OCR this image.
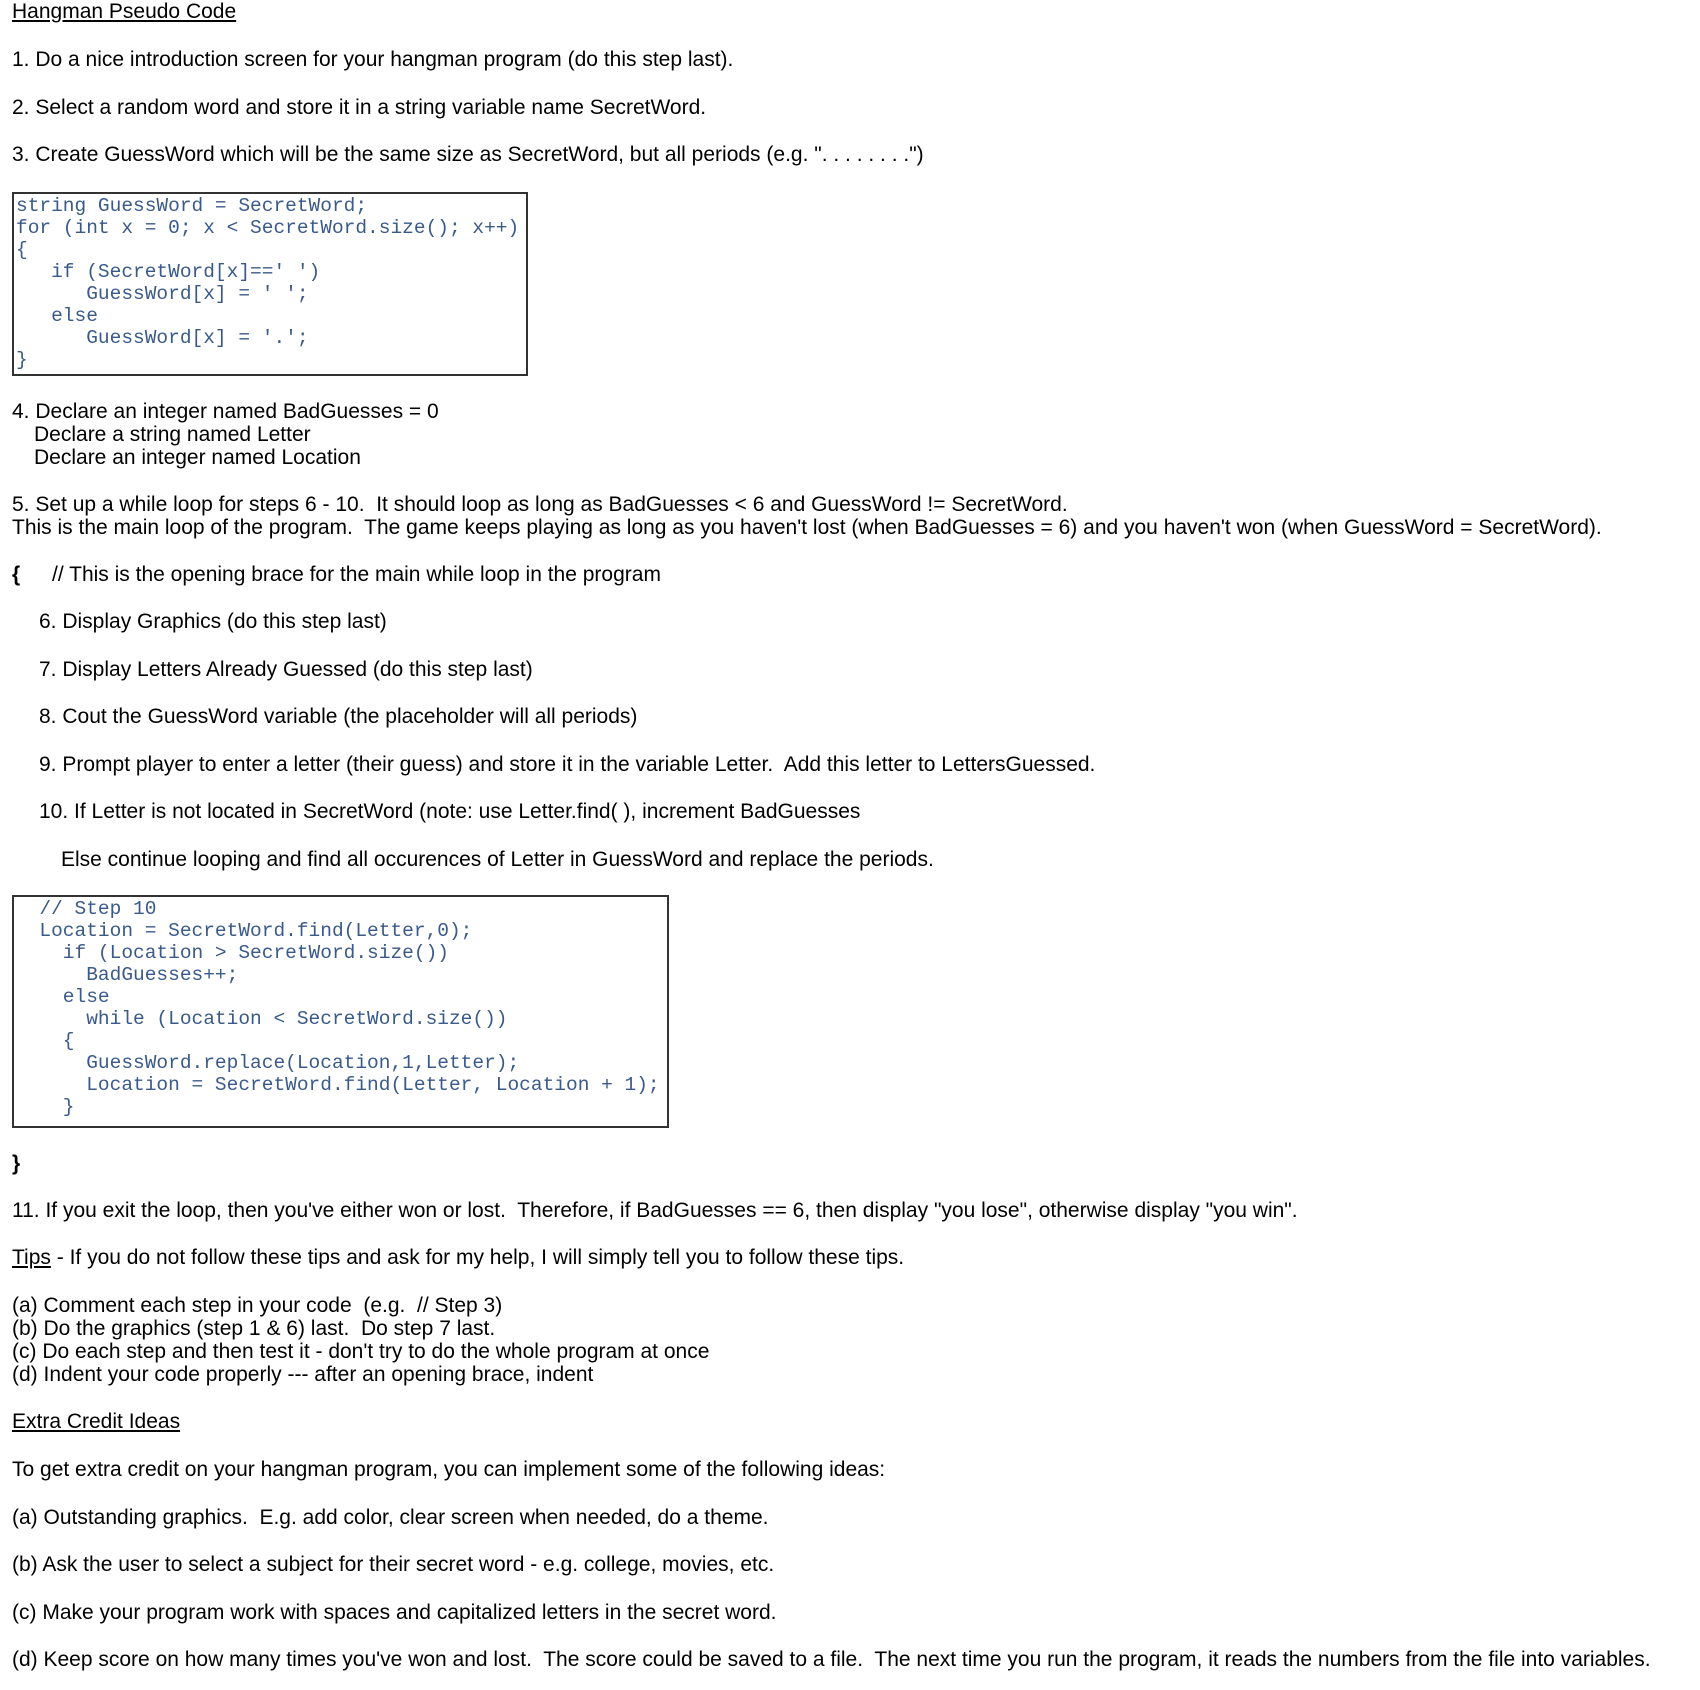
Hangman Pseudo Code
1. Do a nice introduction screen for your hangman program (do this step last).
2. Select a random word and store it in a string variable name SecretWord.
3. Create GuessWord which will be the same size as SecretWord, but all periods (e.g. ". . . . . . . .")
string GuessWord = SecretWord;
for (int x = 0; x < SecretWord.size(); x++)
{
if (SecretWord[x]==' ')
GuessWord[x] = ' ';
else
GuessWord[x] = '.';
}
4. Declare an integer named BadGuesses = 0
Declare a string named Letter
Declare an integer named Location
5. Set up a while loop for steps 6 - 10.  It should loop as long as BadGuesses < 6 and GuessWord != SecretWord.
This is the main loop of the program.  The game keeps playing as long as you haven't lost (when BadGuesses = 6) and you haven't won (when GuessWord = SecretWord).
{ // This is the opening brace for the main while loop in the program
6. Display Graphics (do this step last)
7. Display Letters Already Guessed (do this step last)
8. Cout the GuessWord variable (the placeholder will all periods)
9. Prompt player to enter a letter (their guess) and store it in the variable Letter.  Add this letter to LettersGuessed.
10. If Letter is not located in SecretWord (note: use Letter.find( ), increment BadGuesses
Else continue looping and find all occurences of Letter in GuessWord and replace the periods.
// Step 10
Location = SecretWord.find(Letter,0);
if (Location > SecretWord.size())
BadGuesses++;
else
while (Location < SecretWord.size())
{
GuessWord.replace(Location,1,Letter);
Location = SecretWord.find(Letter, Location + 1);
}
}
11. If you exit the loop, then you've either won or lost.  Therefore, if BadGuesses == 6, then display "you lose", otherwise display "you win".
Tips - If you do not follow these tips and ask for my help, I will simply tell you to follow these tips.
(a) Comment each step in your code  (e.g.  // Step 3)
(b) Do the graphics (step 1 & 6) last.  Do step 7 last.
(c) Do each step and then test it - don't try to do the whole program at once
(d) Indent your code properly --- after an opening brace, indent
Extra Credit Ideas
To get extra credit on your hangman program, you can implement some of the following ideas:
(a) Outstanding graphics.  E.g. add color, clear screen when needed, do a theme.
(b) Ask the user to select a subject for their secret word - e.g. college, movies, etc.
(c) Make your program work with spaces and capitalized letters in the secret word.
(d) Keep score on how many times you've won and lost.  The score could be saved to a file.  The next time you run the program, it reads the numbers from the file into variables.
